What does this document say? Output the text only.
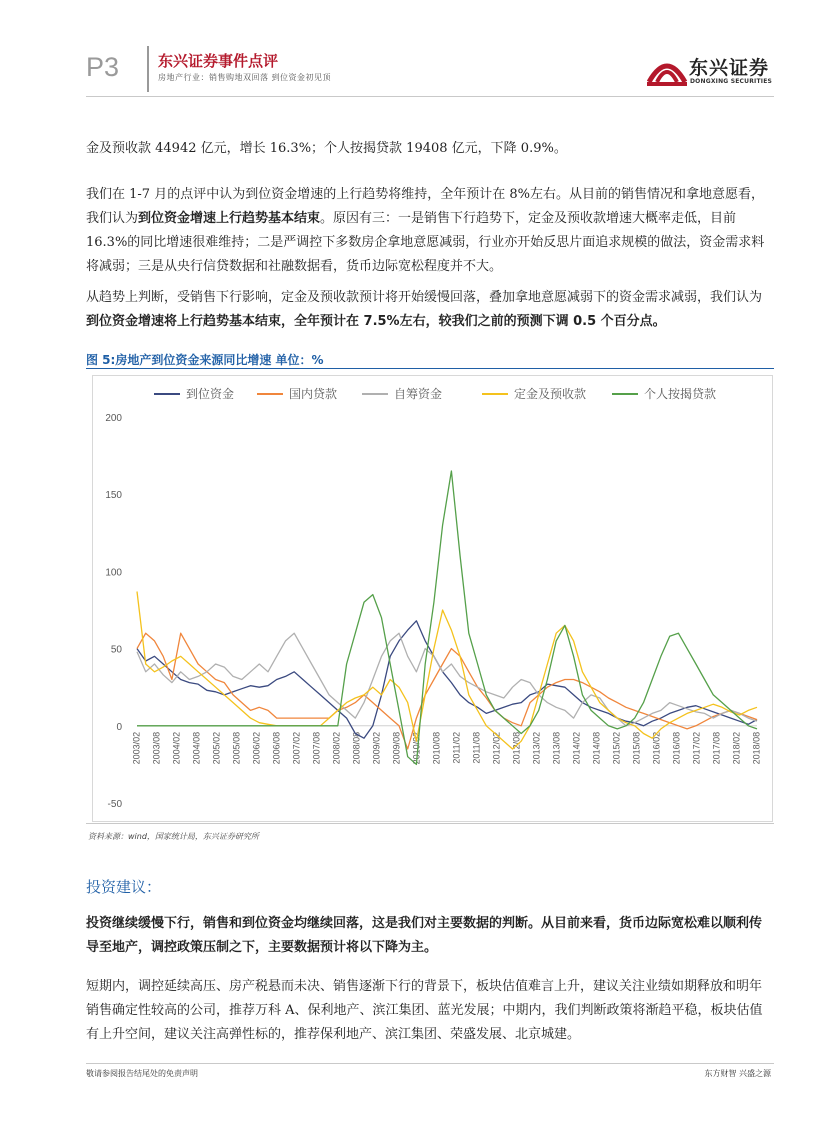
P3	东兴证券事件点评
房地产行业：销售购地双回落 到位资金初见顶	东兴证券
DONGXING SECURITIES
金及预收款 44942 亿元，增长 16.3%；个人按揭贷款 19408 亿元，下降 0.9%。
我们在 1-7 月的点评中认为到位资金增速的上行趋势将维持，全年预计在 8%左右。从目前的销售情况和拿地意愿看，我们认为到位资金增速上行趋势基本结束。原因有三：一是销售下行趋势下，定金及预收款增速大概率走低，目前 16.3%的同比增速很难维持；二是严调控下多数房企拿地意愿减弱，行业亦开始反思片面追求规模的做法，资金需求料将减弱；三是从央行信贷数据和社融数据看，货币边际宽松程度并不大。
从趋势上判断，受销售下行影响，定金及预收款预计将开始缓慢回落，叠加拿地意愿减弱下的资金需求减弱，我们认为到位资金增速将上行趋势基本结束，全年预计在 7.5%左右，较我们之前的预测下调 0.5 个百分点。
图 5:房地产到位资金来源同比增速 单位：%
200
150
100
50
0
-50
2003/02 2003/08 2004/02 2004/08 2005/02 2005/08 2006/02 2006/08 2007/02 2007/08 2008/02 2008/08 2009/02 2009/08 2010/02 2010/08 2011/02 2011/08 2012/02 2012/08 2013/02 2013/08 2014/02 2014/08 2015/02 2015/08 2016/02 2016/08 2017/02 2017/08 2018/02 2018/08
到位资金	国内贷款	自筹资金	定金及预收款	个人按揭贷款
资料来源：wind，国家统计局，东兴证券研究所
投资建议：
投资继续缓慢下行，销售和到位资金均继续回落，这是我们对主要数据的判断。从目前来看，货币边际宽松难以顺利传导至地产，调控政策压制之下，主要数据预计将以下降为主。
短期内，调控延续高压、房产税悬而未决、销售逐渐下行的背景下，板块估值难言上升，建议关注业绩如期释放和明年销售确定性较高的公司，推荐万科 A、保利地产、滨江集团、蓝光发展；中期内，我们判断政策将渐趋平稳，板块估值有上升空间，建议关注高弹性标的，推荐保利地产、滨江集团、荣盛发展、北京城建。
敬请参阅报告结尾处的免责声明	东方财智 兴盛之源
